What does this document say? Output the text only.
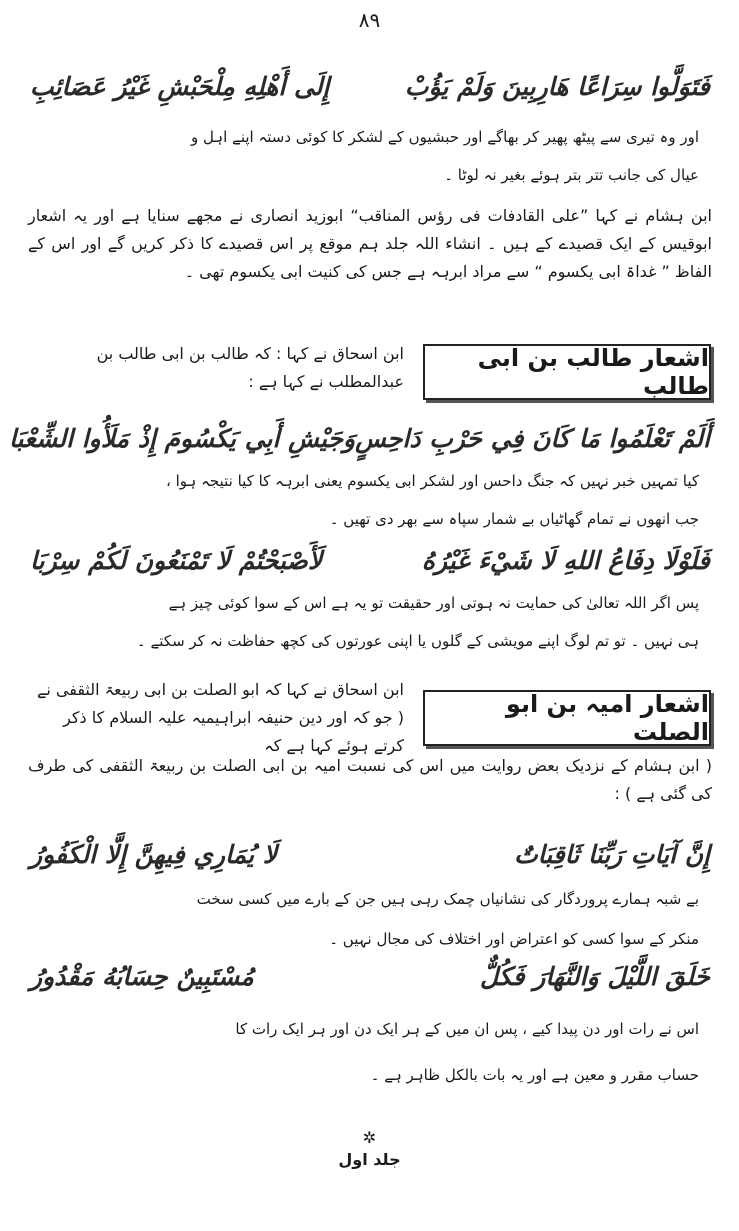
۸۹
فَتَوَلَّوا سِرَاعًا هَارِبِينَ وَلَمْ يَؤُبْ
إِلَى أَهْلِهِ مِلْحَبْشِ غَيْرُ عَصَائِبِ
اور وہ تیری سے پیٹھ پھیر کر بھاگے اور حبشیوں کے لشکر کا کوئی دستہ اپنے اہل و
عیال کی جانب تتر بتر ہوئے بغیر نہ لوٹا ۔
ابن ہشام نے کہا ”علی القادفات فی رؤس المناقب“ ابوزید انصاری نے مجھے سنایا ہے اور یہ اشعار ابوقیس کے ایک قصیدے کے ہیں ۔ انشاء اللہ جلد ہم موقع پر اس قصیدے کا ذکر کریں گے اور اس کے الفاظ ” غداۃ ابی یکسوم “ سے مراد ابرہہ ہے جس کی کنیت ابی یکسوم تھی ۔
اشعار طالب بن ابی طالب
ابن اسحاق نے کہا : کہ طالب بن ابی طالب بن عبدالمطلب نے کہا ہے :
أَلَمْ تَعْلَمُوا مَا كَانَ فِي حَرْبِ دَاحِسٍ
وَجَيْشِ أَبِي يَكْسُومَ إِذْ مَلَأُوا الشِّعْبَا
کیا تمہیں خبر نہیں کہ جنگ داحس اور لشکر ابی یکسوم یعنی ابرہہ کا کیا نتیجہ ہوا ،
جب انھوں نے تمام گھاٹیاں بے شمار سپاہ سے بھر دی تھیں ۔
فَلَوْلَا دِفَاعُ اللهِ لَا شَيْءَ غَيْرُهُ
لَأَصْبَحْتُمْ لَا تَمْنَعُونَ لَكُمْ سِرْبَا
پس اگر اللہ تعالیٰ کی حمایت نہ ہوتی اور حقیقت تو یہ ہے اس کے سوا کوئی چیز ہے
ہی نہیں ۔ تو تم لوگ اپنے مویشی کے گلوں یا اپنی عورتوں کی کچھ حفاظت نہ کر سکتے ۔
اشعار امیہ بن ابو الصلت
ابن اسحاق نے کہا کہ ابو الصلت بن ابی ربیعۃ الثقفی نے ( جو کہ اور دین حنیفہ ابراہیمیہ علیہ السلام کا ذکر کرتے ہوئے کہا ہے کہ
( ابن ہشام کے نزدیک بعض روایت میں اس کی نسبت امیہ بن ابی الصلت بن ربیعۃ الثقفی کی طرف کی گئی ہے ) :
إِنَّ آيَاتِ رَبِّنَا ثَاقِبَاتٌ
لَا يُمَارِي فِيهِنَّ إِلَّا الْكَفُورُ
بے شبہ ہمارے پروردگار کی نشانیاں چمک رہی ہیں جن کے بارے میں کسی سخت
منکر کے سوا کسی کو اعتراض اور اختلاف کی مجال نہیں ۔
خَلَقَ اللَّيْلَ وَالنَّهَارَ فَكُلٌّ
مُسْتَبِينٌ حِسَابُهُ مَقْدُورُ
اس نے رات اور دن پیدا کیے ، پس ان میں کے ہر ایک دن اور ہر ایک رات کا
حساب مقرر و معین ہے اور یہ بات بالکل ظاہر ہے ۔
✲
جلد اول
